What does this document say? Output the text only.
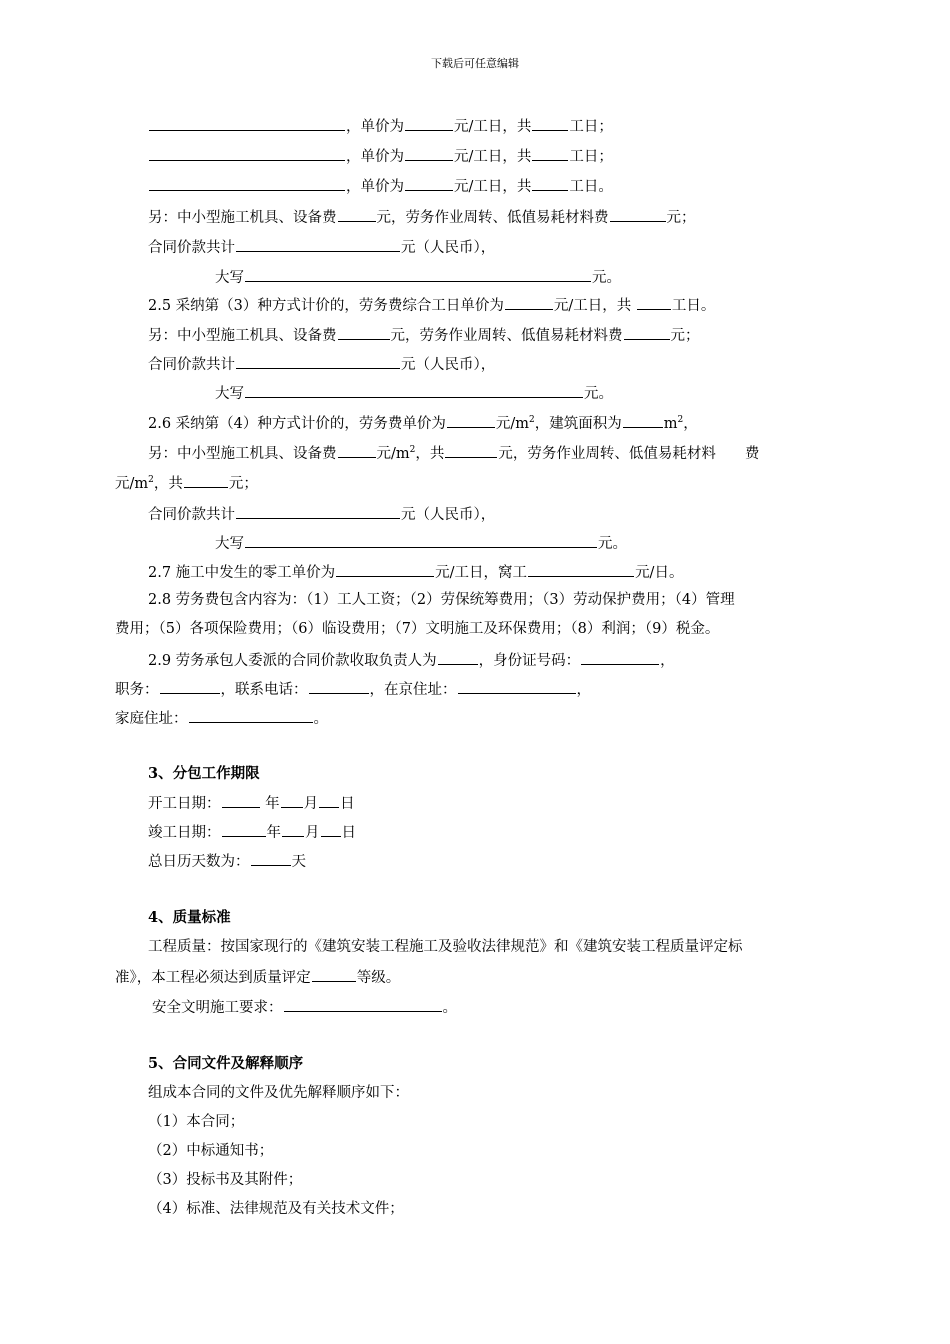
下载后可任意编辑
，单价为	元/工日，共	工日；
，单价为	元/工日，共	工日；
，单价为	元/工日，共	工日。
另：中小型施工机具、设备费	元，劳务作业周转、低值易耗材料费	元；
合同价款共计	元（人民币），
大写	元。
2.5 采纳第（3）种方式计价的，劳务费综合工日单价为	元/工日，共	工日。
另：中小型施工机具、设备费	元，劳务作业周转、低值易耗材料费	元；
合同价款共计	元（人民币），
大写	元。
2.6 采纳第（4）种方式计价的，劳务费单价为	元$/m^2$，建筑面积为	$m^2$，
另：中小型施工机具、设备费	元$/m^2$，共	元，劳务作业周转、低值易耗材料　　费
元$/m^2$，共	元；
合同价款共计	元（人民币），
大写	元。
2.7 施工中发生的零工单价为	元/工日，窝工	元/日。
2.8 劳务费包含内容为：（1）工人工资；（2）劳保统筹费用；（3）劳动保护费用；（4）管理
费用；（5）各项保险费用；（6）临设费用；（7）文明施工及环保费用；（8）利润；（9）税金。
2.9 劳务承包人委派的合同价款收取负责人为	，身份证号码：	，
职务：	，联系电话：	，在京住址：	，
家庭住址：	。
3、分包工作期限
开工日期：	年 月 日
竣工日期：	年 月 日
总日历天数为：	天
4、质量标准
工程质量：按国家现行的《建筑安装工程施工及验收法律规范》和《建筑安装工程质量评定标
准》，本工程必须达到质量评定	等级。
安全文明施工要求：	。
5、合同文件及解释顺序
组成本合同的文件及优先解释顺序如下：
（1）本合同；
（2）中标通知书；
（3）投标书及其附件；
（4）标准、法律规范及有关技术文件；
